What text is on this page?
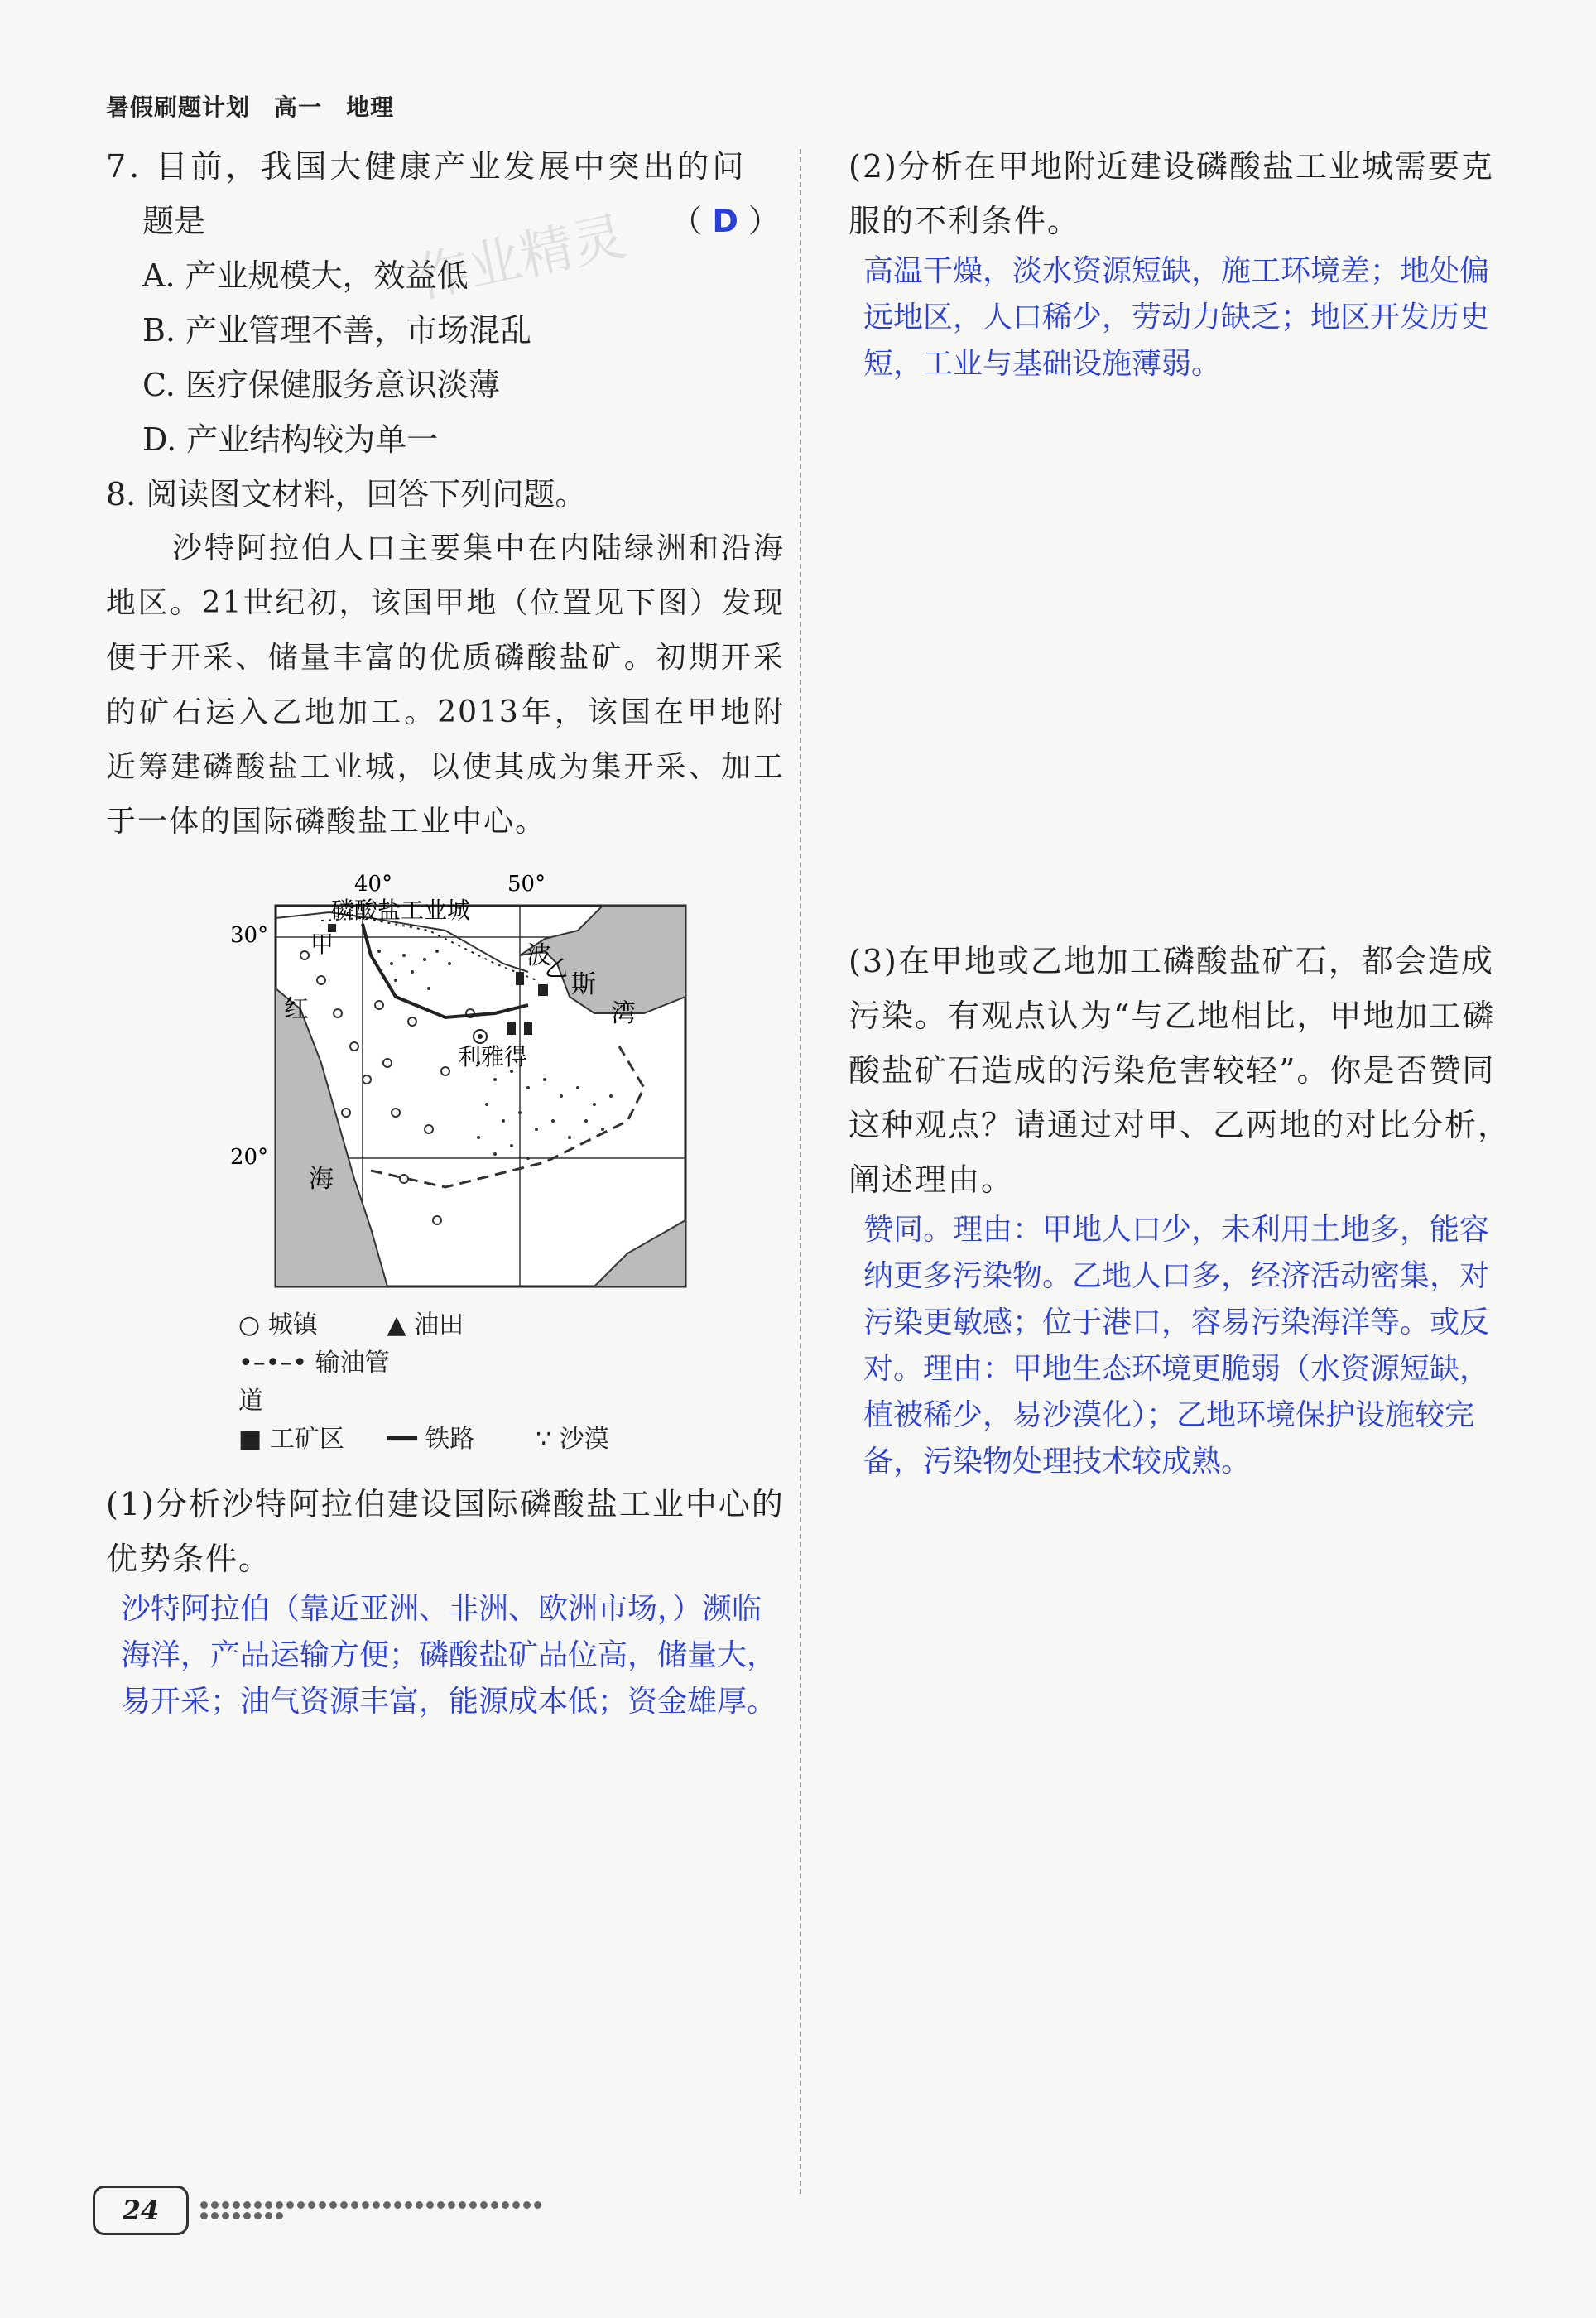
暑假刷题计划　高一　地理
作业精灵
7. 目前，我国大健康产业发展中突出的问
题是	（ D ）
A. 产业规模大，效益低
B. 产业管理不善，市场混乱
C. 医疗保健服务意识淡薄
D. 产业结构较为单一
8. 阅读图文材料，回答下列问题。
沙特阿拉伯人口主要集中在内陆绿洲和沿海地区。21世纪初，该国甲地（位置见下图）发现便于开采、储量丰富的优质磷酸盐矿。初期开采的矿石运入乙地加工。2013年，该国在甲地附近筹建磷酸盐工业城，以使其成为集开采、加工于一体的国际磷酸盐工业中心。
40°	50°
30°
20°
利雅得
磷酸盐工业城
甲
乙
波
斯
湾
红
海
○ 城镇	▲ 油田 •–•–• 输油管道
■ 工矿区 ━━ 铁路 ∵ 沙漠
(1)分析沙特阿拉伯建设国际磷酸盐工业中心的优势条件。
沙特阿拉伯（靠近亚洲、非洲、欧洲市场，）濒临海洋，产品运输方便；磷酸盐矿品位高，储量大，易开采；油气资源丰富，能源成本低；资金雄厚。
(2)分析在甲地附近建设磷酸盐工业城需要克服的不利条件。
高温干燥，淡水资源短缺，施工环境差；地处偏远地区，人口稀少，劳动力缺乏；地区开发历史短，工业与基础设施薄弱。
(3)在甲地或乙地加工磷酸盐矿石，都会造成污染。有观点认为“与乙地相比，甲地加工磷酸盐矿石造成的污染危害较轻”。你是否赞同这种观点？请通过对甲、乙两地的对比分析，阐述理由。
赞同。理由：甲地人口少，未利用土地多，能容纳更多污染物。乙地人口多，经济活动密集，对污染更敏感；位于港口，容易污染海洋等。或反对。理由：甲地生态环境更脆弱（水资源短缺，植被稀少，易沙漠化）；乙地环境保护设施较完备，污染物处理技术较成熟。
24
